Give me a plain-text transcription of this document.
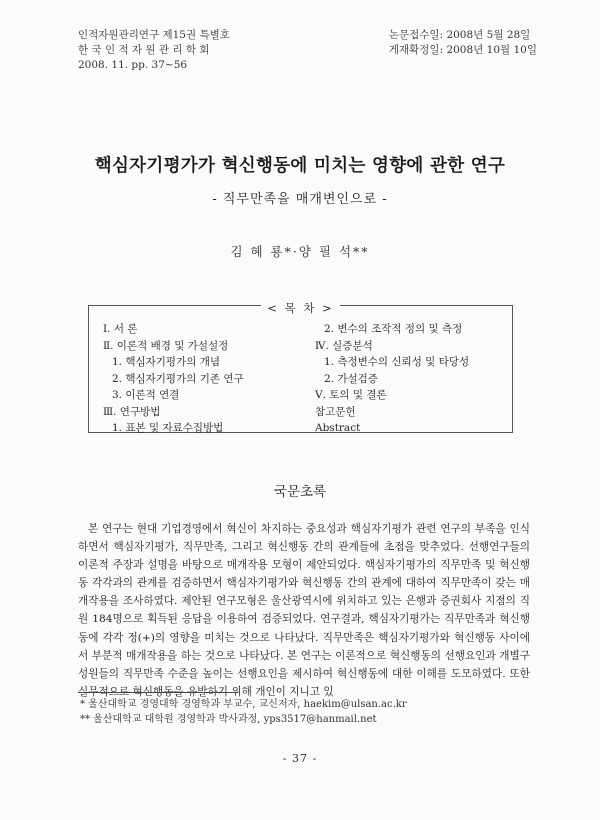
인적자원관리연구 제15권 특별호
한 국 인 적 자 원 관 리 학 회
2008. 11. pp. 37~56
논문접수일: 2008년 5월 28일
게재확정일: 2008년 10월 10일
핵심자기평가가 혁신행동에 미치는 영향에 관한 연구
- 직무만족을 매개변인으로 -
김 혜 룡*·양 필 석**
< 목 차 >
Ⅰ. 서 론
Ⅱ. 이론적 배경 및 가설설정
1. 핵심자기평가의 개념
2. 핵심자기평가의 기존 연구
3. 이론적 연결
Ⅲ. 연구방법
1. 표본 및 자료수집방법
2. 변수의 조작적 정의 및 측정
Ⅳ. 실증분석
1. 측정변수의 신뢰성 및 타당성
2. 가설검증
Ⅴ. 토의 및 결론
참고문헌
Abstract
국문초록

본 연구는 현대 기업경영에서 혁신이 차지하는 중요성과 핵심자기평가 관련 연구의 부족을 인식하면서 핵심자기평가, 직무만족, 그리고 혁신행동 간의 관계들에 초점을 맞추었다. 선행연구들의 이론적 주장과 설명을 바탕으로 매개작용 모형이 제안되었다. 핵심자기평가의 직무만족 및 혁신행동 각각과의 관계를 검증하면서 핵심자기평가와 혁신행동 간의 관계에 대하여 직무만족이 갖는 매개작용을 조사하였다. 제안된 연구모형은 울산광역시에 위치하고 있는 은행과 증권회사 지점의 직원 184명으로 획득된 응답을 이용하여 검증되었다. 연구결과, 핵심자기평가는 직무만족과 혁신행동에 각각 정(+)의 영향을 미치는 것으로 나타났다. 직무만족은 핵심자기평가와 혁신행동 사이에서 부분적 매개작용을 하는 것으로 나타났다. 본 연구는 이론적으로 혁신행동의 선행요인과 개별구성원들의 직무만족 수준을 높이는 선행요인을 제시하여 혁신행동에 대한 이해를 도모하였다. 또한 실무적으로 혁신행동을 유발하기 위해 개인이 지니고 있

* 울산대학교 경영대학 경영학과 부교수, 교신저자, haekim@ulsan.ac.kr
** 울산대학교 대학원 경영학과 박사과정, yps3517@hanmail.net
- 37 -
